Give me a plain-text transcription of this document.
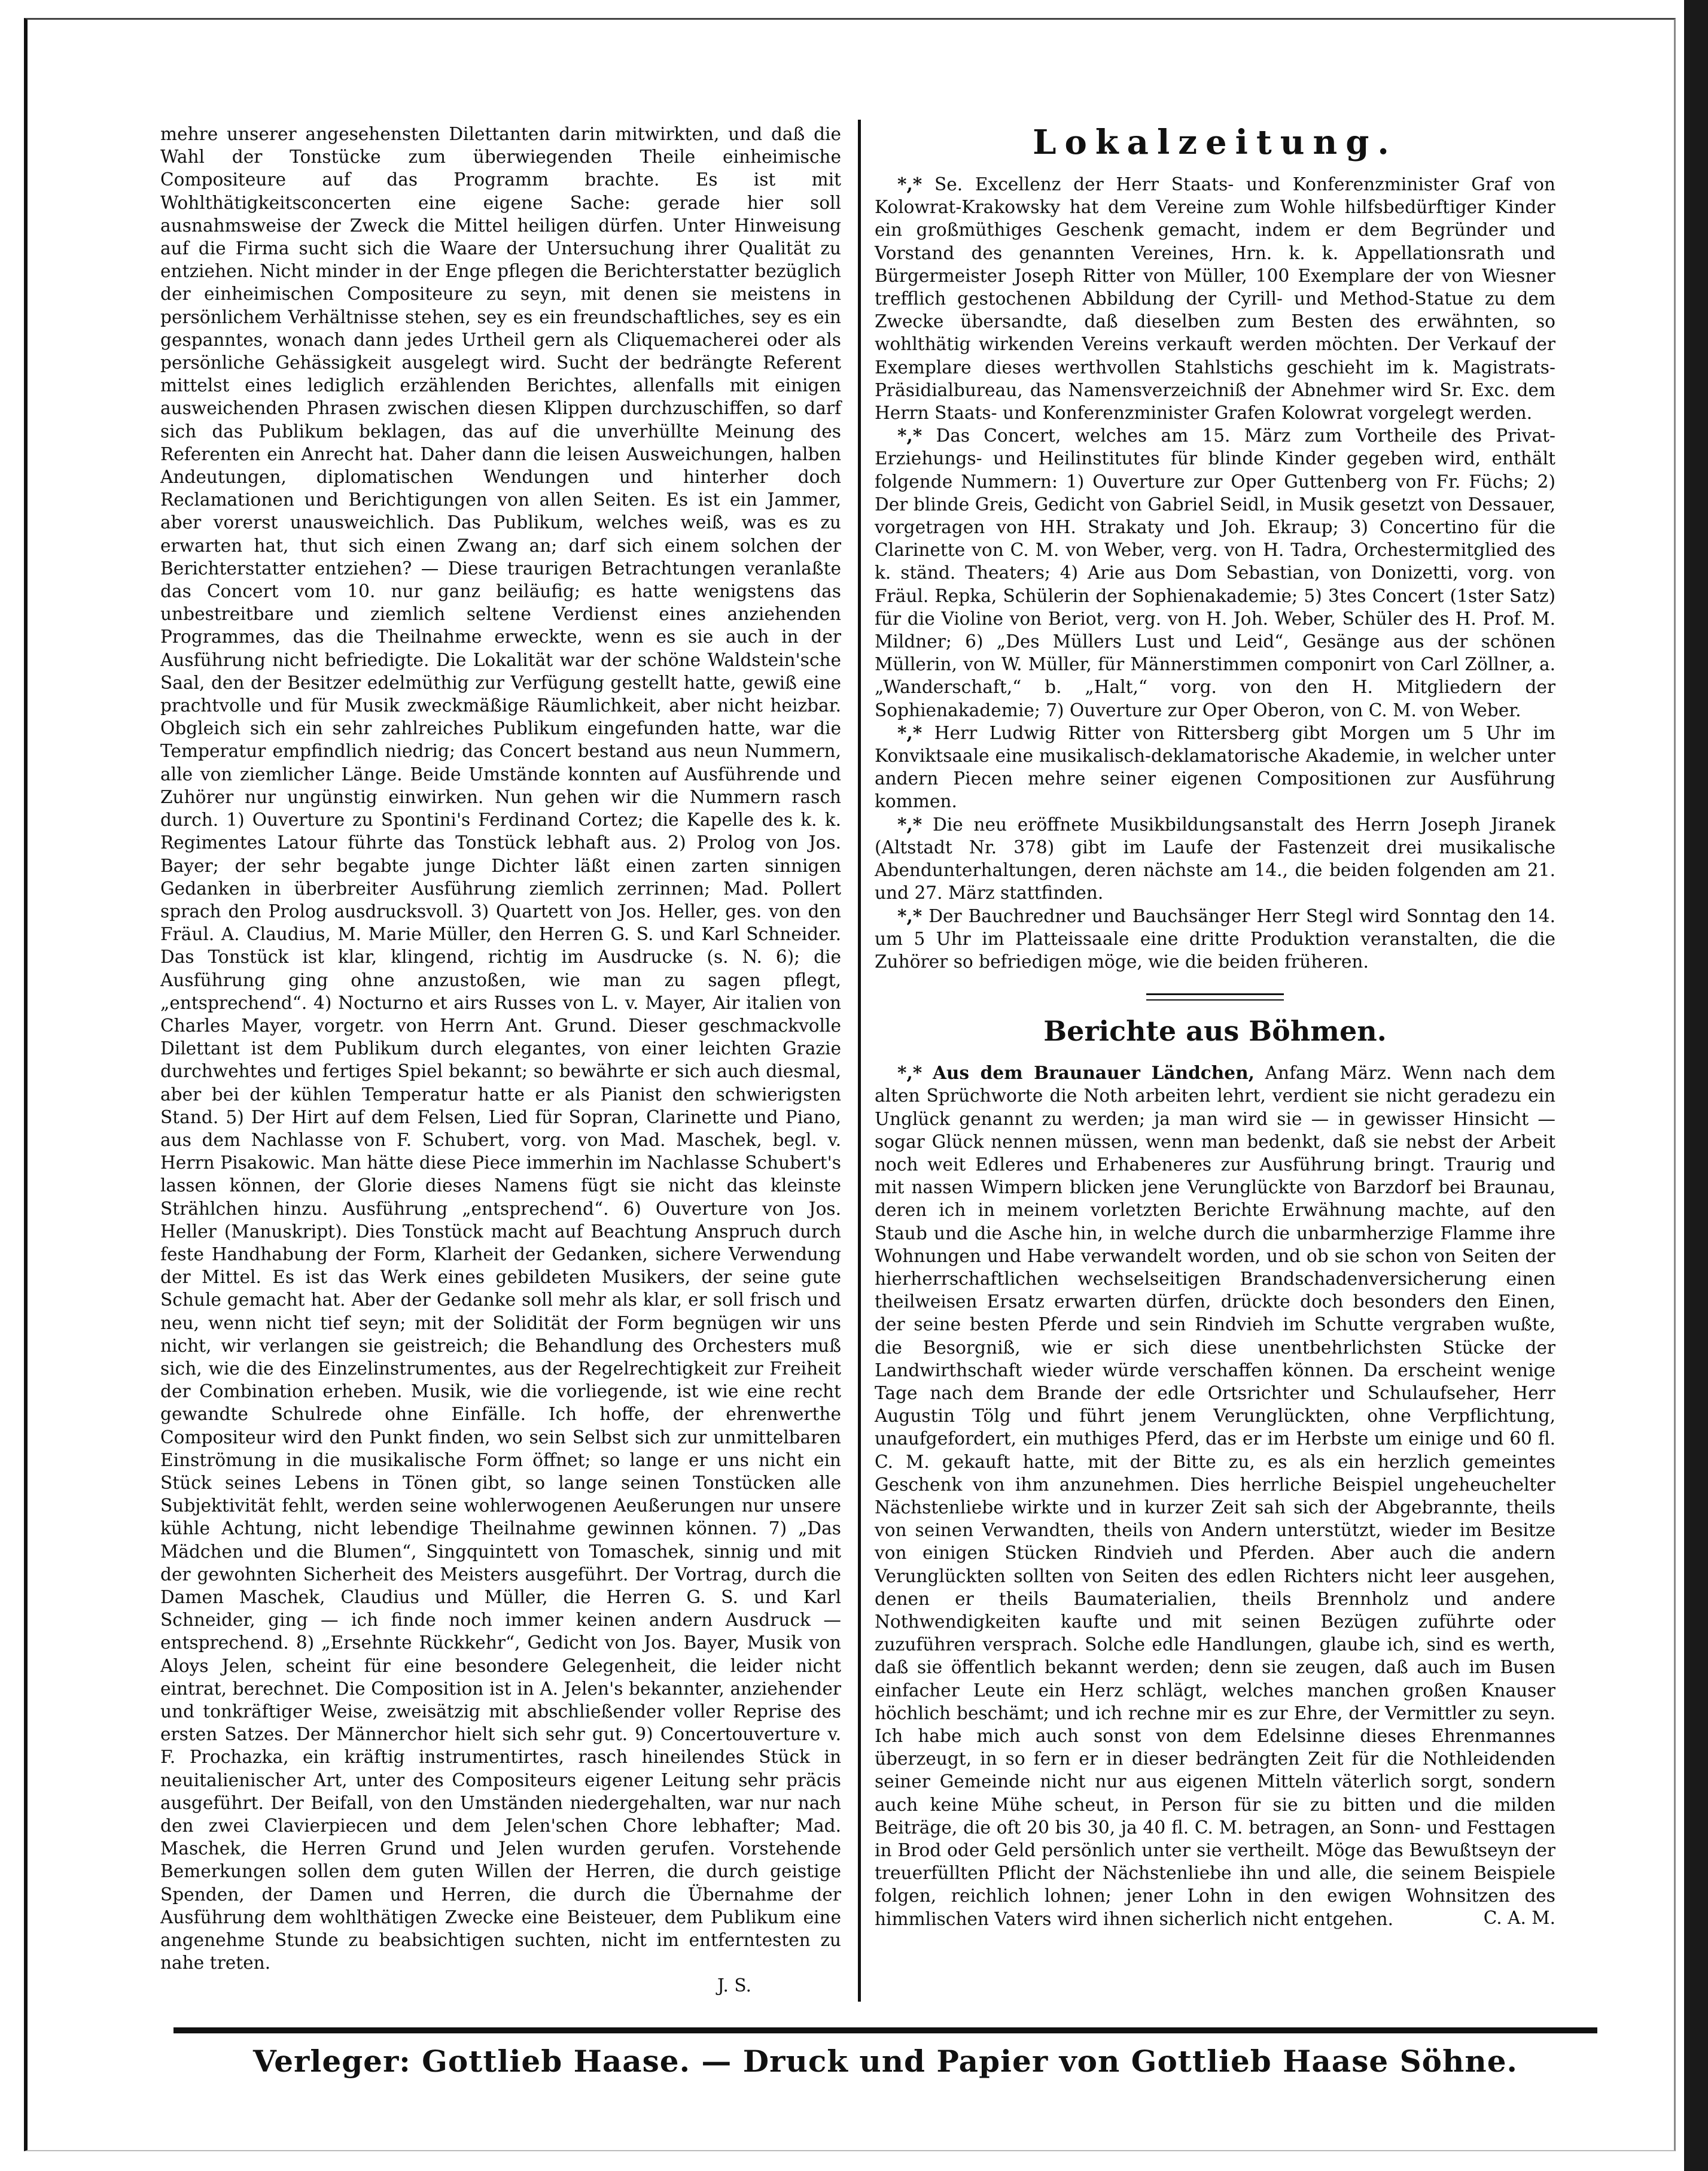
mehre unserer angesehensten Dilettanten darin mitwirkten, und daß die Wahl der Tonstücke zum überwiegenden Theile einheimische Compositeure auf das Programm brachte. Es ist mit Wohlthätigkeitsconcerten eine eigene Sache: gerade hier soll ausnahmsweise der Zweck die Mittel heiligen dürfen. Unter Hinweisung auf die Firma sucht sich die Waare der Untersuchung ihrer Qualität zu entziehen. Nicht minder in der Enge pflegen die Berichterstatter bezüglich der einheimischen Compositeure zu seyn, mit denen sie meistens in persönlichem Verhältnisse stehen, sey es ein freundschaftliches, sey es ein gespanntes, wonach dann jedes Urtheil gern als Cliquemacherei oder als persönliche Gehässigkeit ausgelegt wird. Sucht der bedrängte Referent mittelst eines lediglich erzählenden Berichtes, allenfalls mit einigen ausweichenden Phrasen zwischen diesen Klippen durchzuschiffen, so darf sich das Publikum beklagen, das auf die unverhüllte Meinung des Referenten ein Anrecht hat. Daher dann die leisen Ausweichungen, halben Andeutungen, diplomatischen Wendungen und hinterher doch Reclamationen und Berichtigungen von allen Seiten. Es ist ein Jammer, aber vorerst unausweichlich. Das Publikum, welches weiß, was es zu erwarten hat, thut sich einen Zwang an; darf sich einem solchen der Berichterstatter entziehen? — Diese traurigen Betrachtungen veranlaßte das Concert vom 10. nur ganz beiläufig; es hatte wenigstens das unbestreitbare und ziemlich seltene Verdienst eines anziehenden Programmes, das die Theilnahme erweckte, wenn es sie auch in der Ausführung nicht befriedigte. Die Lokalität war der schöne Waldstein'sche Saal, den der Besitzer edelmüthig zur Verfügung gestellt hatte, gewiß eine prachtvolle und für Musik zweckmäßige Räumlichkeit, aber nicht heizbar. Obgleich sich ein sehr zahlreiches Publikum eingefunden hatte, war die Temperatur empfindlich niedrig; das Concert bestand aus neun Nummern, alle von ziemlicher Länge. Beide Umstände konnten auf Ausführende und Zuhörer nur ungünstig einwirken. Nun gehen wir die Nummern rasch durch. 1) Ouverture zu Spontini's Ferdinand Cortez; die Kapelle des k. k. Regimentes Latour führte das Tonstück lebhaft aus. 2) Prolog von Jos. Bayer; der sehr begabte junge Dichter läßt einen zarten sinnigen Gedanken in überbreiter Ausführung ziemlich zerrinnen; Mad. Pollert sprach den Prolog ausdrucksvoll. 3) Quartett von Jos. Heller, ges. von den Fräul. A. Claudius, M. Marie Müller, den Herren G. S. und Karl Schneider. Das Tonstück ist klar, klingend, richtig im Ausdrucke (s. N. 6); die Ausführung ging ohne anzustoßen, wie man zu sagen pflegt, „entsprechend“. 4) Nocturno et airs Russes von L. v. Mayer, Air italien von Charles Mayer, vorgetr. von Herrn Ant. Grund. Dieser geschmackvolle Dilettant ist dem Publikum durch elegantes, von einer leichten Grazie durchwehtes und fertiges Spiel bekannt; so bewährte er sich auch diesmal, aber bei der kühlen Temperatur hatte er als Pianist den schwierigsten Stand. 5) Der Hirt auf dem Felsen, Lied für Sopran, Clarinette und Piano, aus dem Nachlasse von F. Schubert, vorg. von Mad. Maschek, begl. v. Herrn Pisakowic. Man hätte diese Piece immerhin im Nachlasse Schubert's lassen können, der Glorie dieses Namens fügt sie nicht das kleinste Strählchen hinzu. Ausführung „entsprechend“. 6) Ouverture von Jos. Heller (Manuskript). Dies Tonstück macht auf Beachtung Anspruch durch feste Handhabung der Form, Klarheit der Gedanken, sichere Verwendung der Mittel. Es ist das Werk eines gebildeten Musikers, der seine gute Schule gemacht hat. Aber der Gedanke soll mehr als klar, er soll frisch und neu, wenn nicht tief seyn; mit der Solidität der Form begnügen wir uns nicht, wir verlangen sie geistreich; die Behandlung des Orchesters muß sich, wie die des Einzelinstrumentes, aus der Regelrechtigkeit zur Freiheit der Combination erheben. Musik, wie die vorliegende, ist wie eine recht gewandte Schulrede ohne Einfälle. Ich hoffe, der ehrenwerthe Compositeur wird den Punkt finden, wo sein Selbst sich zur unmittelbaren Einströmung in die musikalische Form öffnet; so lange er uns nicht ein Stück seines Lebens in Tönen gibt, so lange seinen Tonstücken alle Subjektivität fehlt, werden seine wohlerwogenen Aeußerungen nur unsere kühle Achtung, nicht lebendige Theilnahme gewinnen können. 7) „Das Mädchen und die Blumen“, Singquintett von Tomaschek, sinnig und mit der gewohnten Sicherheit des Meisters ausgeführt. Der Vortrag, durch die Damen Maschek, Claudius und Müller, die Herren G. S. und Karl Schneider, ging — ich finde noch immer keinen andern Ausdruck — entsprechend. 8) „Ersehnte Rückkehr“, Gedicht von Jos. Bayer, Musik von Aloys Jelen, scheint für eine besondere Gelegenheit, die leider nicht eintrat, berechnet. Die Composition ist in A. Jelen's bekannter, anziehender und tonkräftiger Weise, zweisätzig mit abschließender voller Reprise des ersten Satzes. Der Männerchor hielt sich sehr gut. 9) Concertouverture v. F. Prochazka, ein kräftig instrumentirtes, rasch hineilendes Stück in neuitalienischer Art, unter des Compositeurs eigener Leitung sehr präcis ausgeführt. Der Beifall, von den Umständen niedergehalten, war nur nach den zwei Clavierpiecen und dem Jelen'schen Chore lebhafter; Mad. Maschek, die Herren Grund und Jelen wurden gerufen. Vorstehende Bemerkungen sollen dem guten Willen der Herren, die durch geistige Spenden, der Damen und Herren, die durch die Übernahme der Ausführung dem wohlthätigen Zwecke eine Beisteuer, dem Publikum eine angenehme Stunde zu beabsichtigen suchten, nicht im entferntesten zu nahe treten.

J. S.

Lokalzeitung.

*,* Se. Excellenz der Herr Staats- und Konferenzminister Graf von Kolowrat-Krakowsky hat dem Vereine zum Wohle hilfsbedürftiger Kinder ein großmüthiges Geschenk gemacht, indem er dem Begründer und Vorstand des genannten Vereines, Hrn. k. k. Appellationsrath und Bürgermeister Joseph Ritter von Müller, 100 Exemplare der von Wiesner trefflich gestochenen Abbildung der Cyrill- und Method-Statue zu dem Zwecke übersandte, daß dieselben zum Besten des erwähnten, so wohlthätig wirkenden Vereins verkauft werden möchten. Der Verkauf der Exemplare dieses werthvollen Stahlstichs geschieht im k. Magistrats-Präsidialbureau, das Namensverzeichniß der Abnehmer wird Sr. Exc. dem Herrn Staats- und Konferenzminister Grafen Kolowrat vorgelegt werden.

*,* Das Concert, welches am 15. März zum Vortheile des Privat-Erziehungs- und Heilinstitutes für blinde Kinder gegeben wird, enthält folgende Nummern: 1) Ouverture zur Oper Guttenberg von Fr. Füchs; 2) Der blinde Greis, Gedicht von Gabriel Seidl, in Musik gesetzt von Dessauer, vorgetragen von HH. Strakaty und Joh. Ekraup; 3) Concertino für die Clarinette von C. M. von Weber, verg. von H. Tadra, Orchestermitglied des k. ständ. Theaters; 4) Arie aus Dom Sebastian, von Donizetti, vorg. von Fräul. Repka, Schülerin der Sophienakademie; 5) 3tes Concert (1ster Satz) für die Violine von Beriot, verg. von H. Joh. Weber, Schüler des H. Prof. M. Mildner; 6) „Des Müllers Lust und Leid“, Gesänge aus der schönen Müllerin, von W. Müller, für Männerstimmen componirt von Carl Zöllner, a. „Wanderschaft,“ b. „Halt,“ vorg. von den H. Mitgliedern der Sophienakademie; 7) Ouverture zur Oper Oberon, von C. M. von Weber.

*,* Herr Ludwig Ritter von Rittersberg gibt Morgen um 5 Uhr im Konviktsaale eine musikalisch-deklamatorische Akademie, in welcher unter andern Piecen mehre seiner eigenen Compositionen zur Ausführung kommen.

*,* Die neu eröffnete Musikbildungsanstalt des Herrn Joseph Jiranek (Altstadt Nr. 378) gibt im Laufe der Fastenzeit drei musikalische Abendunterhaltungen, deren nächste am 14., die beiden folgenden am 21. und 27. März stattfinden.

*,* Der Bauchredner und Bauchsänger Herr Stegl wird Sonntag den 14. um 5 Uhr im Platteissaale eine dritte Produktion veranstalten, die die Zuhörer so befriedigen möge, wie die beiden früheren.

Berichte aus Böhmen.

*,* Aus dem Braunauer Ländchen, Anfang März. Wenn nach dem alten Sprüchworte die Noth arbeiten lehrt, verdient sie nicht geradezu ein Unglück genannt zu werden; ja man wird sie — in gewisser Hinsicht — sogar Glück nennen müssen, wenn man bedenkt, daß sie nebst der Arbeit noch weit Edleres und Erhabeneres zur Ausführung bringt. Traurig und mit nassen Wimpern blicken jene Verunglückte von Barzdorf bei Braunau, deren ich in meinem vorletzten Berichte Erwähnung machte, auf den Staub und die Asche hin, in welche durch die unbarmherzige Flamme ihre Wohnungen und Habe verwandelt worden, und ob sie schon von Seiten der hierherrschaftlichen wechselseitigen Brandschadenversicherung einen theilweisen Ersatz erwarten dürfen, drückte doch besonders den Einen, der seine besten Pferde und sein Rindvieh im Schutte vergraben wußte, die Besorgniß, wie er sich diese unentbehrlichsten Stücke der Landwirthschaft wieder würde verschaffen können. Da erscheint wenige Tage nach dem Brande der edle Ortsrichter und Schulaufseher, Herr Augustin Tölg und führt jenem Verunglückten, ohne Verpflichtung, unaufgefordert, ein muthiges Pferd, das er im Herbste um einige und 60 fl. C. M. gekauft hatte, mit der Bitte zu, es als ein herzlich gemeintes Geschenk von ihm anzunehmen. Dies herrliche Beispiel ungeheuchelter Nächstenliebe wirkte und in kurzer Zeit sah sich der Abgebrannte, theils von seinen Verwandten, theils von Andern unterstützt, wieder im Besitze von einigen Stücken Rindvieh und Pferden. Aber auch die andern Verunglückten sollten von Seiten des edlen Richters nicht leer ausgehen, denen er theils Baumaterialien, theils Brennholz und andere Nothwendigkeiten kaufte und mit seinen Bezügen zuführte oder zuzuführen versprach. Solche edle Handlungen, glaube ich, sind es werth, daß sie öffentlich bekannt werden; denn sie zeugen, daß auch im Busen einfacher Leute ein Herz schlägt, welches manchen großen Knauser höchlich beschämt; und ich rechne mir es zur Ehre, der Vermittler zu seyn. Ich habe mich auch sonst von dem Edelsinne dieses Ehrenmannes überzeugt, in so fern er in dieser bedrängten Zeit für die Nothleidenden seiner Gemeinde nicht nur aus eigenen Mitteln väterlich sorgt, sondern auch keine Mühe scheut, in Person für sie zu bitten und die milden Beiträge, die oft 20 bis 30, ja 40 fl. C. M. betragen, an Sonn- und Festtagen in Brod oder Geld persönlich unter sie vertheilt. Möge das Bewußtseyn der treuerfüllten Pflicht der Nächstenliebe ihn und alle, die seinem Beispiele folgen, reichlich lohnen; jener Lohn in den ewigen Wohnsitzen des himmlischen Vaters wird ihnen sicherlich nicht entgehen.	C. A. M.

Verleger: Gottlieb Haase. — Druck und Papier von Gottlieb Haase Söhne.
